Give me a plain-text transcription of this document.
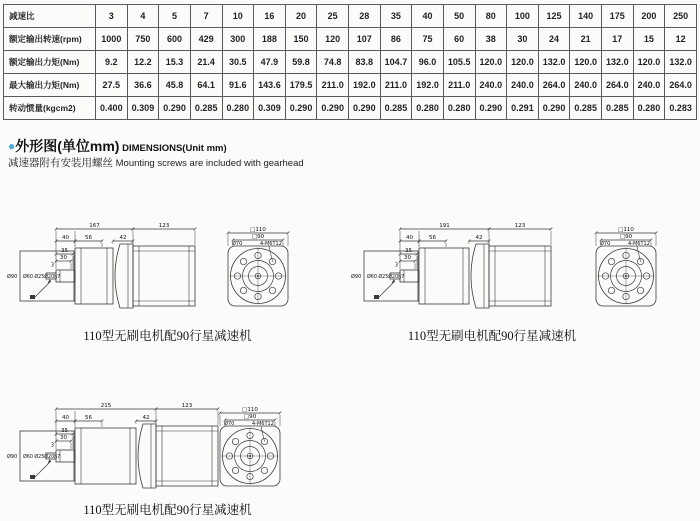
减速比	3	4	5	7	10	16	20	25	28	35	40	50	80	100	125	140	175	200	250
额定输出转速(rpm)	1000	750	600	429	300	188	150	120	107	86	75	60	38	30	24	21	17	15	12
额定输出力矩(Nm)	9.2	12.2	15.3	21.4	30.5	47.9	59.8	74.8	83.8	104.7	96.0	105.5	120.0	120.0	132.0	120.0	132.0	120.0	132.0
最大输出力矩(Nm)	27.5	36.6	45.8	64.1	91.6	143.6	179.5	211.0	192.0	211.0	192.0	211.0	240.0	240.0	264.0	240.0	264.0	240.0	264.0
转动惯量(kgcm2)	0.400	0.309	0.290	0.285	0.280	0.309	0.290	0.290	0.290	0.285	0.280	0.280	0.290	0.291	0.290	0.285	0.285	0.280	0.283
●外形图(单位mm) DIMENSIONS(Unit mm)
减速器附有安装用螺丝 Mounting screws are included with gearhead
Ø90 Ø60 Ø25Ø20h7
167	123
40	56	42
35
30
3
□110
□90
Ø70	4-M6T12
Ø90 Ø60 Ø25Ø20h7
191	123
40	56	42
35
30
3
□110
□90
Ø70	4-M6T12
Ø90 Ø60 Ø25Ø20h7
215	123
40	56	42
35
30
3
□110
□90
Ø70	4-M6T12
110型无刷电机配90行星减速机	110型无刷电机配90行星减速机
110型无刷电机配90行星减速机
